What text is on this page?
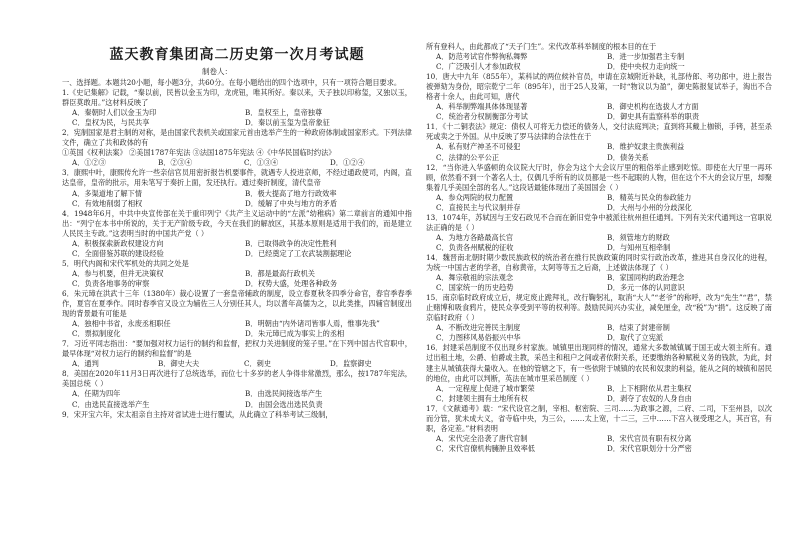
蓝天教育集团高二历史第一次月考试题
制卷人：
一、选择题。本题共20小题，每小题3分，共60分。在每小题给出的四个选项中，只有一项符合题目要求。
1.《史记集解》记载，“秦以前，民皆以金玉为印，龙虎钮，唯其所好。秦以来，天子独以印称玺，又独以玉，群臣莫敢用。”这材料反映了
A．秦朝时人们以金玉为印	B．皇权至上，皇帝独尊
C．皇权为民，与民共享	D．秦以前玉玺为皇帝象征
2．宪制国家是君主制的对称，是由国家代表机关或国家元首由选举产生的一种政府体制或国家形式。下列法律文件，确立了共和政体的有
①英国《权利法案》 ②美国1787年宪法 ③法国1875年宪法 ④《中华民国临时约法》
A．①②③	B．②③④	C．①③④	D．①②④
3．康熙中叶，康熙传允许一些亲信官员用密折报告机要事件，就遇专人投进京师，不经过通政使司，内阁，直达皇帝，皇帝的批示，用朱笔写于奏折上面，发还执行。通过奏折制度，清代皇帝
A．多渠道地了解下情	B．极大提高了地方行政效率
C．有效地削弱了相权	D．缓解了中央与地方的矛盾
4．1948年6月，中共中央宣传部在关于重印列宁《共产主义运动中的“左派”幼稚病》第二章前言的通知中指出：“列宁在本书中所说的，关于无产阶级专政，今天在我们的解放区，其基本原则是适用于我们的，而是建立人民民主专政。”这表明当时的中国共产党（ ）
A．积极探索新政权建设方向	B．已取得政争的决定性胜利
C．全面借鉴苏联的建设经验	D．已经奠定了工农武装割据理论
5．明代内阁和宋代军机处的共同之处是
A．参与机要，但并无决策权	B．都是最高行政机关
C．负责各地事务的审察	D．权势大盛，处理各种政务
6．朱元璋在洪武十三年（1380年）裁心设置了一套皇帝辅政的制度，设立春夏秋冬四季分命官，春官季春季作，夏官在夏季作。同时春季官又设立为辅佐三人分别任其人，均以耆年高儒为之，以此类推，四辅官制度出现的背景最有可能是
A．独相中书省，永废丞相职任	B．明朝由“内外诸司皆事人焉，惟事先我”
C．票拟制度化	D．朱元璋已成为事实上的丞相
7．习近平同志指出：“要加强对权力运行的制约和监督，把权力关进制度的笼子里。”在下列中国古代官职中，最早体现“对权力运行的制约和监督”的是
A．通判	B．御史大夫	C．刺史	D．监察御史
8．美国在2020年11月3日再次进行了总统选举，而位七十多岁的老人争得非常激烈，那么，按1787年宪法，美国总统（ ）
A．任期为四年	B．由选民间接选举产生
C．由选民直接选举产生	D．由国会选出选民负责
9．宋开宝六年，宋太祖亲自主持对省试进士进行覆试，从此确立了科举考试三级制，
所有登科人，由此都成了“天子门生”。宋代改革科举制度的根本目的在于
A．防范考试官作弊徇私舞弊	B．进一步加强君主专制
C．广泛吸引人才参加政权	D．使中央权力走向统一
10．唐大中九年（855年），某科试的两位候补官员，申请在京城附近补缺，礼部侍郎、考功郎中，进上报告被弹劾为身份，昭宗乾宁二年（895年），出于25人及第，一时“物议以为盈”，御史陈报复试举子，淘出不合格者十余人，由此可知，唐代
A．科举制弊端具体体现显著	B．御史机构在选拔人才方面
C．统治者分权制衡部分考试	D．御史具有监察科举的职责
11．《十二铜表法》规定：债权人可将无力偿还的债务人，交付法庭判决；直到将其戴上枷锁，手铐，甚至杀死或卖之于外国。从中反映了罗马法律的合法性在于
A．私有财产神圣不可侵犯	B．维护奴隶主贵族利益
C．法律的公平公正	D．债务关系
12．“当你进入华盛顿的众议院大厅时，你会为这个大会议厅里的粗俗举止感到吃惊。即使在大厅里一再环顾，依然看不到一个著名人士，仅偶几乎所有的议员都是一些不起眼的人物，但在这个不大的会议厅里，却聚集着几乎美国全部的名人。”这段话最能体现出了美国国会（ ）
A．参众两院的权力配置	B．精英与民众的参政能力
C．直接民主与代议制并存	D．大州与小州的分歧深化
13．1074年，苏轼因与王安石政见不合而在新旧党争中被派往杭州担任通判。下列有关宋代通判这一官职说法正确的是（ ）
A．为地方各路最高长官	B．须管地方的财政
C．负责各州赋税的征收	D．与知州互相牵制
14．魏晋南北朝时期少数民族政权的统治者在推行民族政策的同时实行政治改革，推进其自身汉化的进程，为统一中国古老的学者，自称黄帝，太阿等等五之后裔，上述做法体现了（ ）
A．舞宗敬祖的宗法观念	B．家国同构的政治理念
C．国家统一的历史趋势	D．多元一体的认同意识
15．南京临时政府成立后，规定废止跪拜礼，改行鞠躬礼，取消“大人”“老爷”的称呼，改为“先生”“君”，禁止赌博和吸食鸦片，使民众享受到平等的权利等。鼓励民间兴办实业，减免厘金，改“税”为“捐”。这反映了南京临时政府（ ）
A．不断改进完善民主制度	B．结束了封建帝制
C．力图移风易俗振兴中华	D．取代了立宪派
16．封建采邑制度不仅出现乡村家族。城镇里出现同样的情况，通常大多数城镇属于国王或大领主所有。通过出租土地，公爵、伯爵或主教，采邑主和租户之间或者依附关系，还要缴纳各种赋税义务的钱款，为此，封建主从城镇获得大量收入。在他的管辖之下，有一些依附于城镇的农民和奴隶的利益，能从之间的城镇和居民的地位，由此可以判断，英法在城市里采邑制度（ ）
A．一定程度上促进了城市繁荣	B．上下相附依从君主集权
C．封建领主拥有土地所有权	D．剥夺了农奴的人身自由
17．《文献通考》载：“宋代设官之制，宰相、枢密院、三司……为政事之源，二府、二司，下至州县，以次而分管，犹未成大义，省寺临中央，为三公，……太上宽，十二三，三中……下宫入视受理之人，其百官，有职，各定差。”材料表明
A．宋代完全沿袭了唐代官制	B．宋代官员有职有权分离
C．宋代官僚机构臃肿且效率低	D．宋代官职划分十分严密
